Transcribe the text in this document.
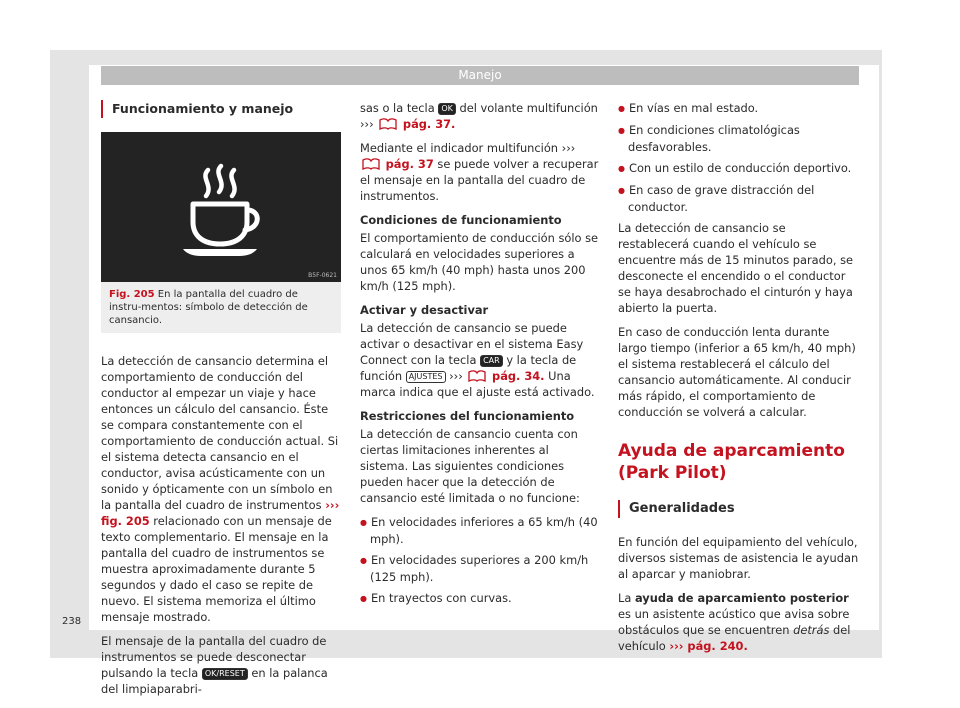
Manejo
Funcionamiento y manejo
B5F-0621
Fig. 205 En la pantalla del cuadro de instru-mentos: símbolo de detección de cansancio.

La detección de cansancio determina el comportamiento de conducción del conductor al empezar un viaje y hace entonces un cálculo del cansancio. Éste se compara constantemente con el comportamiento de conducción actual. Si el sistema detecta cansancio en el conductor, avisa acústicamente con un sonido y ópticamente con un símbolo en la pantalla del cuadro de instrumentos ››› fig. 205 relacionado con un mensaje de texto complementario. El mensaje en la pantalla del cuadro de instrumentos se muestra aproximadamente durante 5 segundos y dado el caso se repite de nuevo. El sistema memoriza el último mensaje mostrado.

El mensaje de la pantalla del cuadro de instrumentos se puede desconectar pulsando la tecla OK/RESET en la palanca del limpiaparabri-

sas o la tecla OK del volante multifunción ›››	pág. 37.

Mediante el indicador multifunción ›››  pág. 37 se puede volver a recuperar el mensaje en la pantalla del cuadro de instrumentos.

Condiciones de funcionamiento

El comportamiento de conducción sólo se calculará en velocidades superiores a unos 65 km/h (40 mph) hasta unos 200 km/h (125 mph).

Activar y desactivar

La detección de cansancio se puede activar o desactivar en el sistema Easy Connect con la tecla CAR y la tecla de función AJUSTES ›››	pág. 34. Una marca indica que el ajuste está activado.

Restricciones del funcionamiento

La detección de cansancio cuenta con ciertas limitaciones inherentes al sistema. Las siguientes condiciones pueden hacer que la detección de cansancio esté limitada o no funcione:

● En velocidades inferiores a 65 km/h (40 mph).
● En velocidades superiores a 200 km/h (125 mph).
● En trayectos con curvas.
● En vías en mal estado.
● En condiciones climatológicas desfavorables.
● Con un estilo de conducción deportivo.
● En caso de grave distracción del conductor.

La detección de cansancio se restablecerá cuando el vehículo se encuentre más de 15 minutos parado, se desconecte el encendido o el conductor se haya desabrochado el cinturón y haya abierto la puerta.

En caso de conducción lenta durante largo tiempo (inferior a 65 km/h, 40 mph) el sistema restablecerá el cálculo del cansancio automáticamente. Al conducir más rápido, el comportamiento de conducción se volverá a calcular.

Ayuda de aparcamiento (Park Pilot)
Generalidades

En función del equipamiento del vehículo, diversos sistemas de asistencia le ayudan al aparcar y maniobrar.

La ayuda de aparcamiento posterior es un asistente acústico que avisa sobre obstáculos que se encuentren detrás del vehículo ››› pág. 240.

238
